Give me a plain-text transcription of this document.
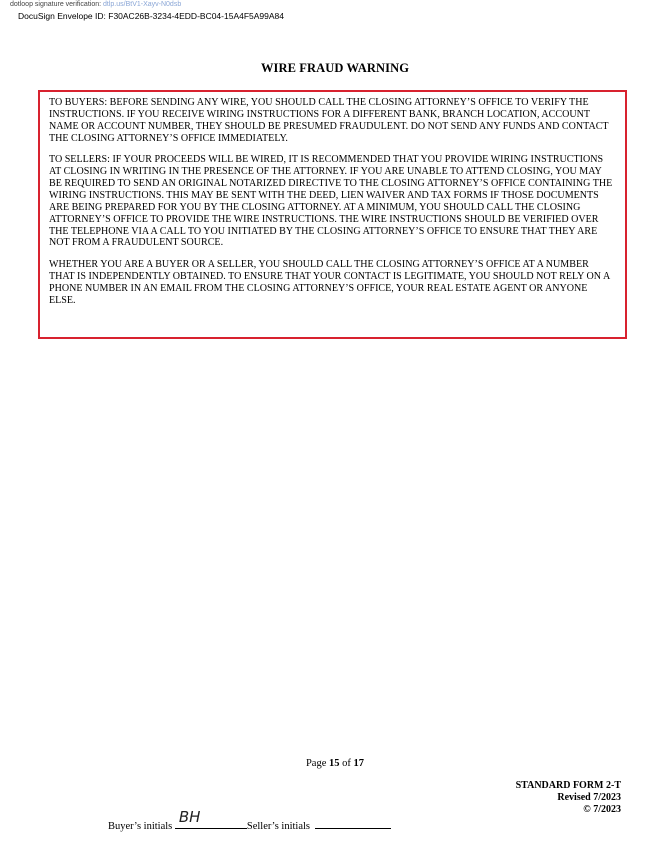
dotloop signature verification: dtlp.us/BtV1-Xayv-N0dsb
DocuSign Envelope ID: F30AC26B-3234-4EDD-BC04-15A4F5A99A84
WIRE FRAUD WARNING

TO BUYERS: BEFORE SENDING ANY WIRE, YOU SHOULD CALL THE CLOSING ATTORNEY’S OFFICE TO VERIFY THE INSTRUCTIONS. IF YOU RECEIVE WIRING INSTRUCTIONS FOR A DIFFERENT BANK, BRANCH LOCATION, ACCOUNT NAME OR ACCOUNT NUMBER, THEY SHOULD BE PRESUMED FRAUDULENT. DO NOT SEND ANY FUNDS AND CONTACT THE CLOSING ATTORNEY’S OFFICE IMMEDIATELY.

TO SELLERS: IF YOUR PROCEEDS WILL BE WIRED, IT IS RECOMMENDED THAT YOU PROVIDE WIRING INSTRUCTIONS AT CLOSING IN WRITING IN THE PRESENCE OF THE ATTORNEY. IF YOU ARE UNABLE TO ATTEND CLOSING, YOU MAY BE REQUIRED TO SEND AN ORIGINAL NOTARIZED DIRECTIVE TO THE CLOSING ATTORNEY’S OFFICE CONTAINING THE WIRING INSTRUCTIONS. THIS MAY BE SENT WITH THE DEED, LIEN WAIVER AND TAX FORMS IF THOSE DOCUMENTS ARE BEING PREPARED FOR YOU BY THE CLOSING ATTORNEY. AT A MINIMUM, YOU SHOULD CALL THE CLOSING ATTORNEY’S OFFICE TO PROVIDE THE WIRE INSTRUCTIONS. THE WIRE INSTRUCTIONS SHOULD BE VERIFIED OVER THE TELEPHONE VIA A CALL TO YOU INITIATED BY THE CLOSING ATTORNEY’S OFFICE TO ENSURE THAT THEY ARE NOT FROM A FRAUDULENT SOURCE.

WHETHER YOU ARE A BUYER OR A SELLER, YOU SHOULD CALL THE CLOSING ATTORNEY’S OFFICE AT A NUMBER THAT IS INDEPENDENTLY OBTAINED. TO ENSURE THAT YOUR CONTACT IS LEGITIMATE, YOU SHOULD NOT RELY ON A PHONE NUMBER IN AN EMAIL FROM THE CLOSING ATTORNEY’S OFFICE, YOUR REAL ESTATE AGENT OR ANYONE ELSE.

Page 15 of 17
STANDARD FORM 2-T
Revised 7/2023
© 7/2023
Buyer’s initials
BH
Seller’s initials
